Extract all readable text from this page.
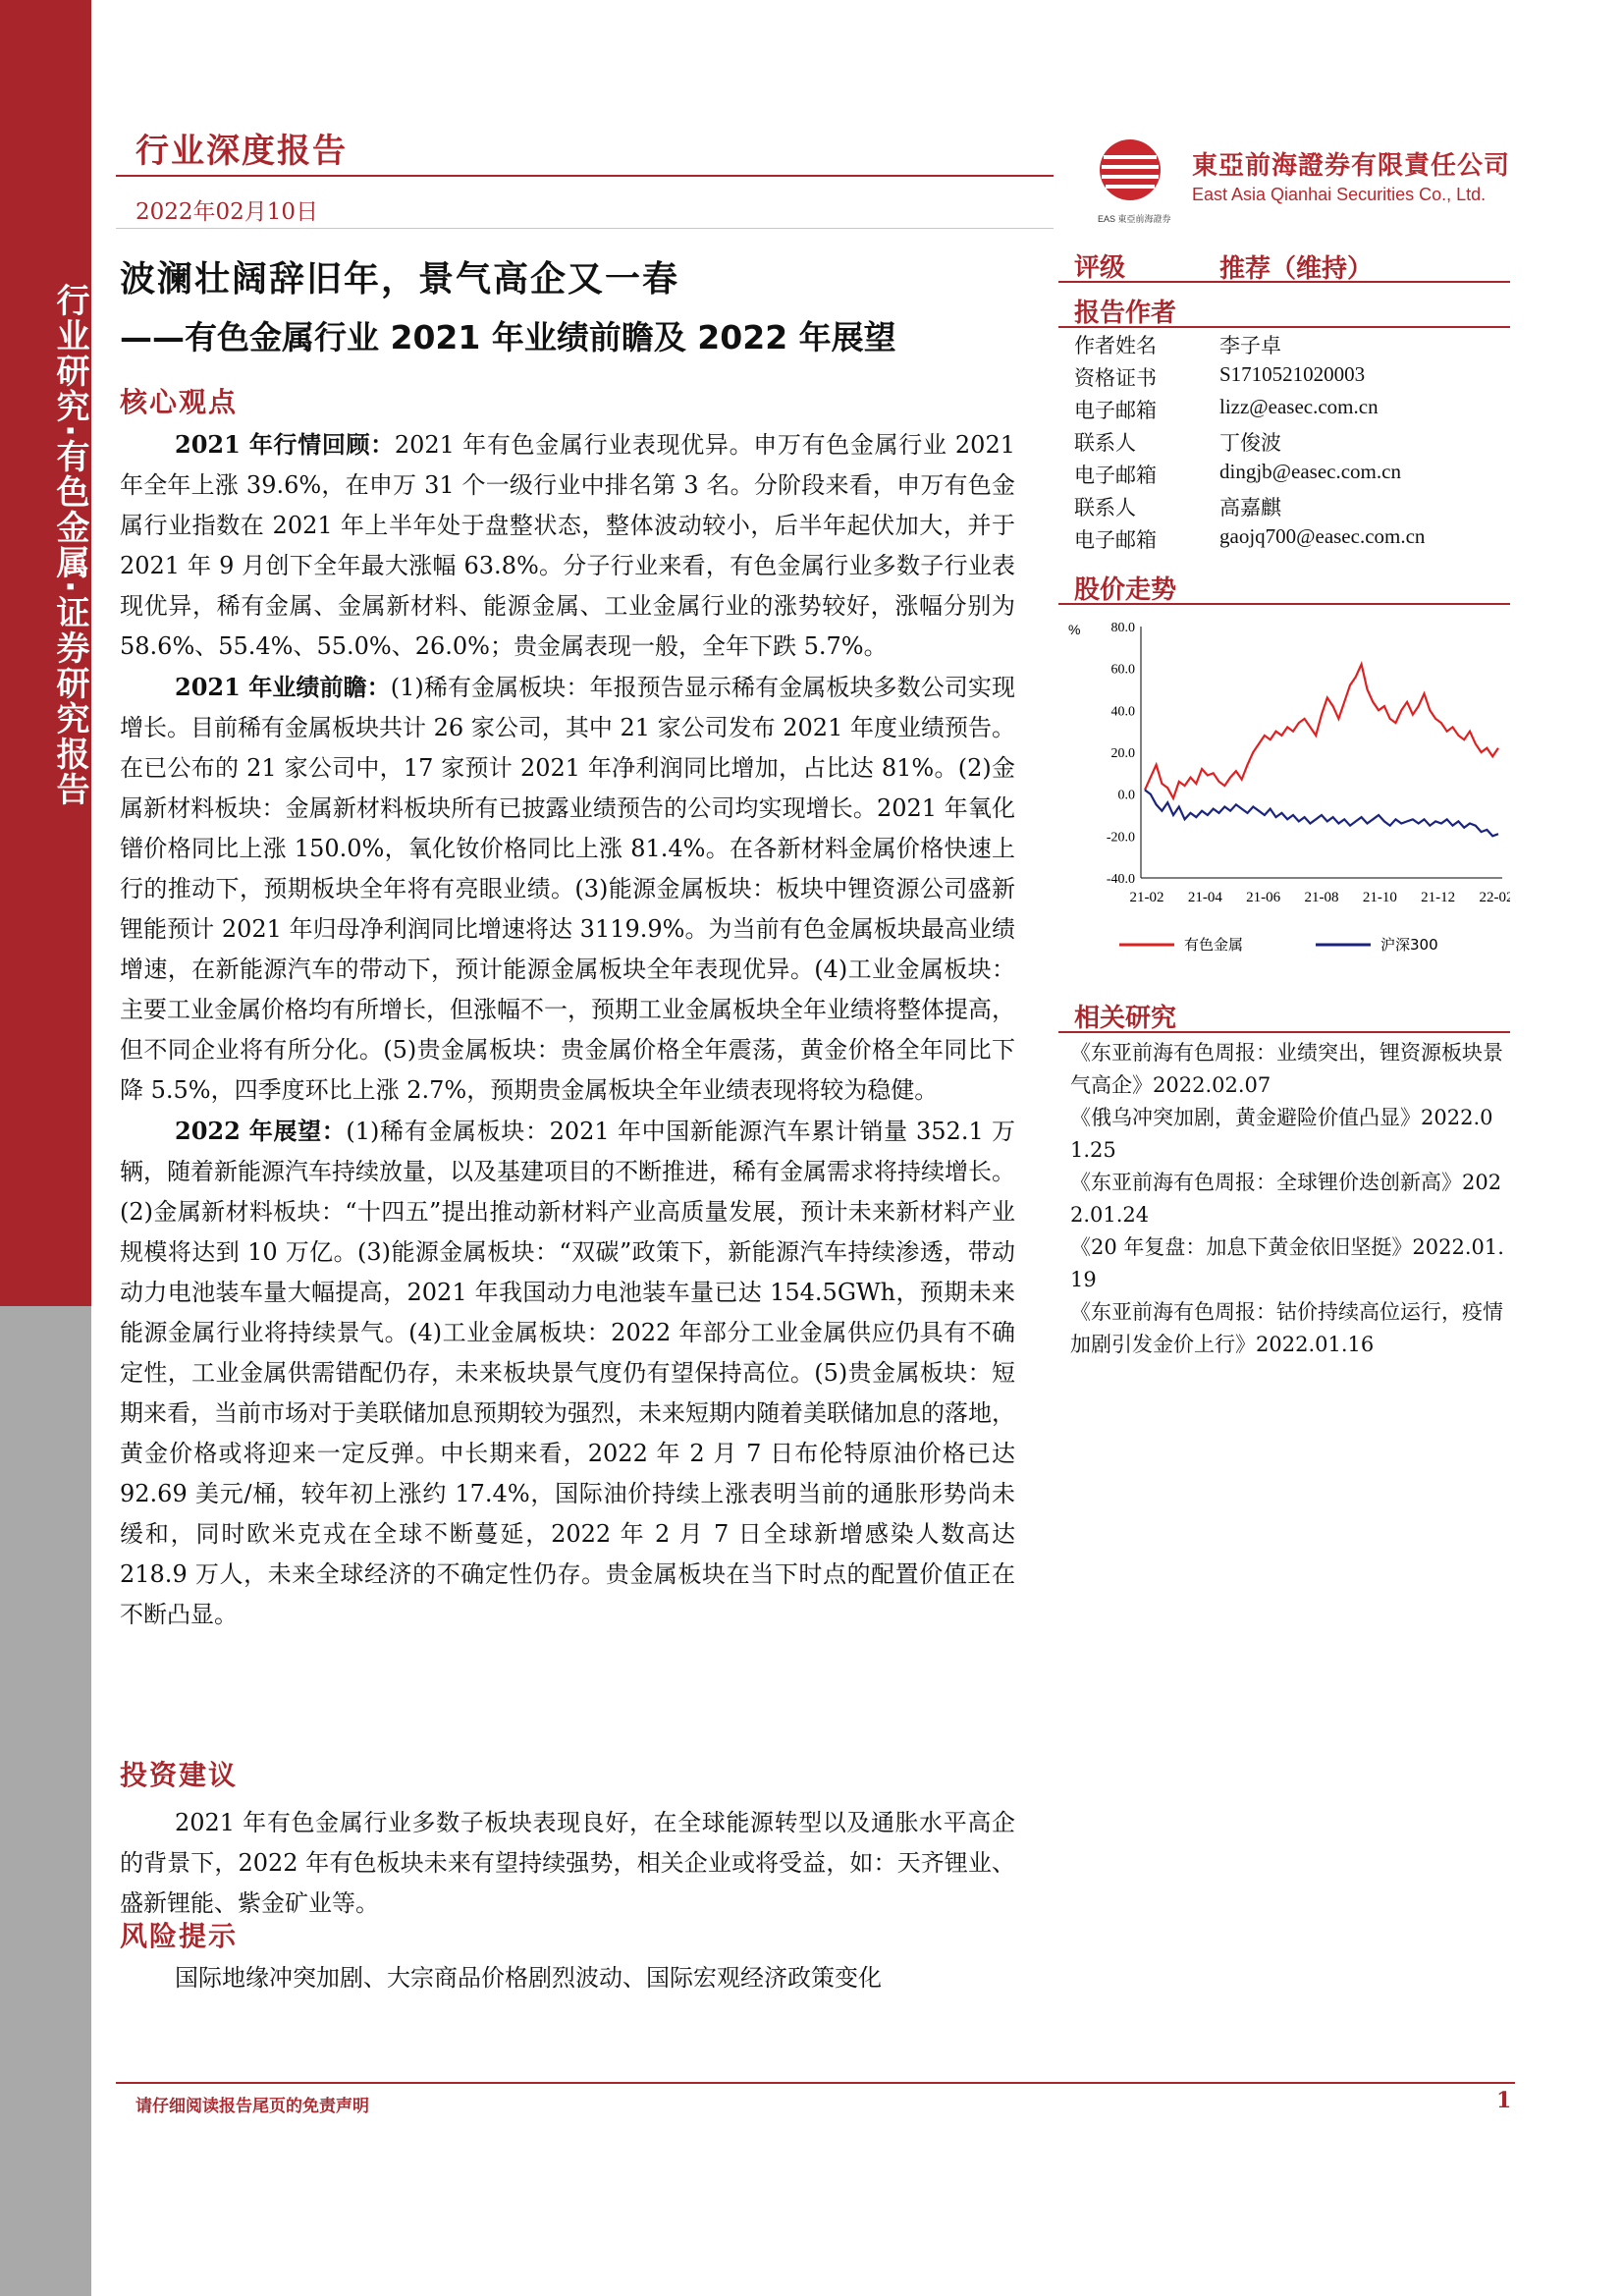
行业研究·有色金属·证券研究报告
行业深度报告
2022年02月10日
東亞前海證券有限責任公司
East Asia Qianhai Securities Co., Ltd.
EAS 東亞前海證券
波澜壮阔辞旧年，景气高企又一春
——有色金属行业 2021 年业绩前瞻及 2022 年展望
核心观点

2021 年行情回顾：2021 年有色金属行业表现优异。申万有色金属行业 2021 年全年上涨 39.6%，在申万 31 个一级行业中排名第 3 名。分阶段来看，申万有色金属行业指数在 2021 年上半年处于盘整状态，整体波动较小，后半年起伏加大，并于 2021 年 9 月创下全年最大涨幅 63.8%。分子行业来看，有色金属行业多数子行业表现优异，稀有金属、金属新材料、能源金属、工业金属行业的涨势较好，涨幅分别为 58.6%、55.4%、55.0%、26.0%；贵金属表现一般，全年下跌 5.7%。

2021 年业绩前瞻：(1)稀有金属板块：年报预告显示稀有金属板块多数公司实现增长。目前稀有金属板块共计 26 家公司，其中 21 家公司发布 2021 年度业绩预告。在已公布的 21 家公司中，17 家预计 2021 年净利润同比增加，占比达 81%。(2)金属新材料板块：金属新材料板块所有已披露业绩预告的公司均实现增长。2021 年氧化镨价格同比上涨 150.0%，氧化钕价格同比上涨 81.4%。在各新材料金属价格快速上行的推动下，预期板块全年将有亮眼业绩。(3)能源金属板块：板块中锂资源公司盛新锂能预计 2021 年归母净利润同比增速将达 3119.9%。为当前有色金属板块最高业绩增速，在新能源汽车的带动下，预计能源金属板块全年表现优异。(4)工业金属板块：主要工业金属价格均有所增长，但涨幅不一，预期工业金属板块全年业绩将整体提高，但不同企业将有所分化。(5)贵金属板块：贵金属价格全年震荡，黄金价格全年同比下降 5.5%，四季度环比上涨 2.7%，预期贵金属板块全年业绩表现将较为稳健。

2022 年展望：(1)稀有金属板块：2021 年中国新能源汽车累计销量 352.1 万辆，随着新能源汽车持续放量，以及基建项目的不断推进，稀有金属需求将持续增长。(2)金属新材料板块：“十四五”提出推动新材料产业高质量发展，预计未来新材料产业规模将达到 10 万亿。(3)能源金属板块：“双碳”政策下，新能源汽车持续渗透，带动动力电池装车量大幅提高，2021 年我国动力电池装车量已达 154.5GWh，预期未来能源金属行业将持续景气。(4)工业金属板块：2022 年部分工业金属供应仍具有不确定性，工业金属供需错配仍存，未来板块景气度仍有望保持高位。(5)贵金属板块：短期来看，当前市场对于美联储加息预期较为强烈，未来短期内随着美联储加息的落地，黄金价格或将迎来一定反弹。中长期来看，2022 年 2 月 7 日布伦特原油价格已达 92.69 美元/桶，较年初上涨约 17.4%，国际油价持续上涨表明当前的通胀形势尚未缓和，同时欧米克戎在全球不断蔓延，2022 年 2 月 7 日全球新增感染人数高达 218.9 万人，未来全球经济的不确定性仍存。贵金属板块在当下时点的配置价值正在不断凸显。

投资建议

2021 年有色金属行业多数子板块表现良好，在全球能源转型以及通胀水平高企的背景下，2022 年有色板块未来有望持续强势，相关企业或将受益，如：天齐锂业、盛新锂能、紫金矿业等。

风险提示

国际地缘冲突加剧、大宗商品价格剧烈波动、国际宏观经济政策变化

评级	推荐（维持）
报告作者
作者姓名	李子卓
资格证书	S1710521020003
电子邮箱	lizz@easec.com.cn
联系人	丁俊波
电子邮箱	dingjb@easec.com.cn
联系人	高嘉麒
电子邮箱	gaojq700@easec.com.cn
股价走势
% 80.0
60.0
40.0
20.0
0.0
-20.0
-40.0
21-02 21-04 21-06 21-08 21-10 21-12 22-02
有色金属	沪深300
相关研究
《东亚前海有色周报：业绩突出，锂资源板块景气高企》2022.02.07
《俄乌冲突加剧，黄金避险价值凸显》2022.01.25
《东亚前海有色周报：全球锂价迭创新高》2022.01.24
《20 年复盘：加息下黄金依旧坚挺》2022.01.19
《东亚前海有色周报：钴价持续高位运行，疫情加剧引发金价上行》2022.01.16
请仔细阅读报告尾页的免责声明	1
